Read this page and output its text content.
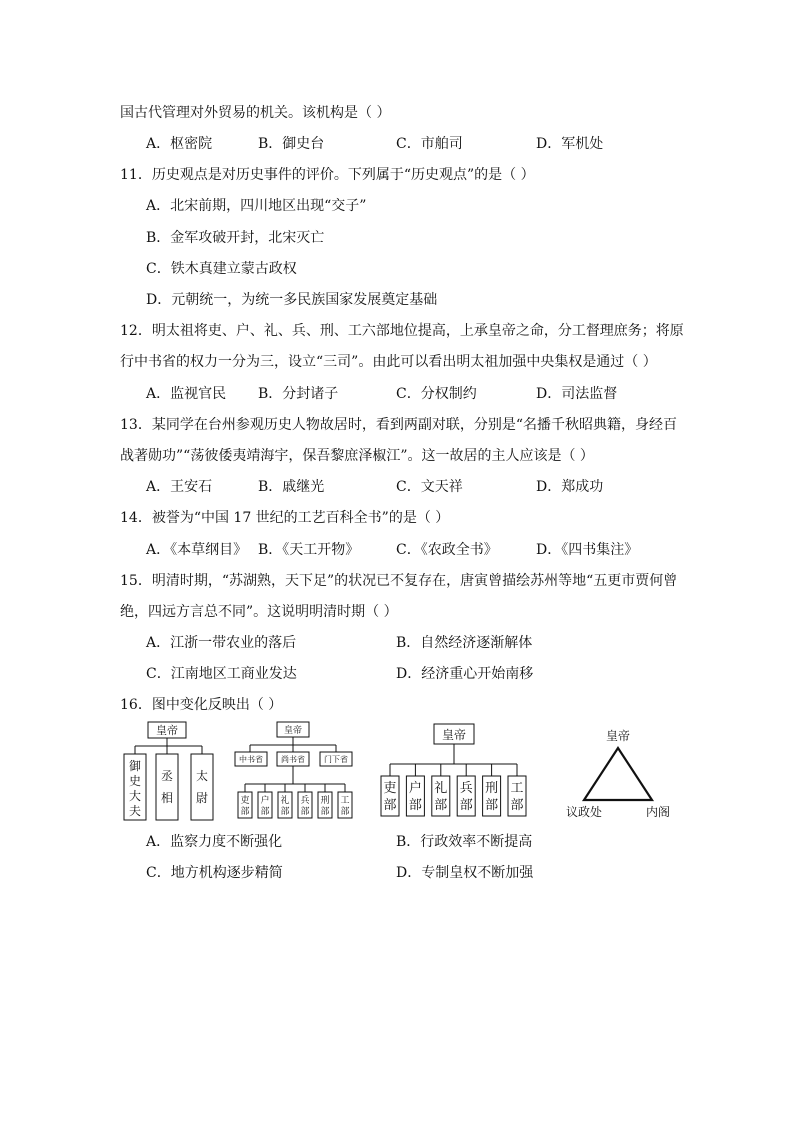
国古代管理对外贸易的机关。该机构是（ ）
A．枢密院	B．御史台	C．市舶司	D．军机处
11．历史观点是对历史事件的评价。下列属于“历史观点”的是（ ）
A．北宋前期，四川地区出现“交子”
B．金军攻破开封，北宋灭亡
C．铁木真建立蒙古政权
D．元朝统一，为统一多民族国家发展奠定基础
12．明太祖将吏、户、礼、兵、刑、工六部地位提高，上承皇帝之命，分工督理庶务；将原
行中书省的权力一分为三，设立“三司”。由此可以看出明太祖加强中央集权是通过（ ）
A．监视官民 B．分封诸子	C．分权制约	D．司法监督
13．某同学在台州参观历史人物故居时，看到两副对联，分别是“名播千秋昭典籍，身经百
战著勋功”“荡彼倭夷靖海宇，保吾黎庶泽椒江”。这一故居的主人应该是（ ）
A．王安石	B．戚继光	C．文天祥	D．郑成功
14．被誉为“中国 17 世纪的工艺百科全书”的是（ ）
A．《本草纲目》 B．《天工开物》	C．《农政全书》	D．《四书集注》
15．明清时期，“苏湖熟，天下足”的状况已不复存在，唐寅曾描绘苏州等地“五更市贾何曾
绝，四远方言总不同”。这说明明清时期（ ）
A．江浙一带农业的落后	B．自然经济逐渐解体
C．江南地区工商业发达	D．经济重心开始南移
16．图中变化反映出（ ）
皇帝
御史大夫
丞相
太尉
皇帝
中书省 尚书省 门下省
吏部
户部
礼部
兵部
刑部
工部
皇帝
吏部
户部
礼部
兵部
刑部
工部
皇帝
议政处	内阁
A．监察力度不断强化	B．行政效率不断提高
C．地方机构逐步精简	D．专制皇权不断加强
